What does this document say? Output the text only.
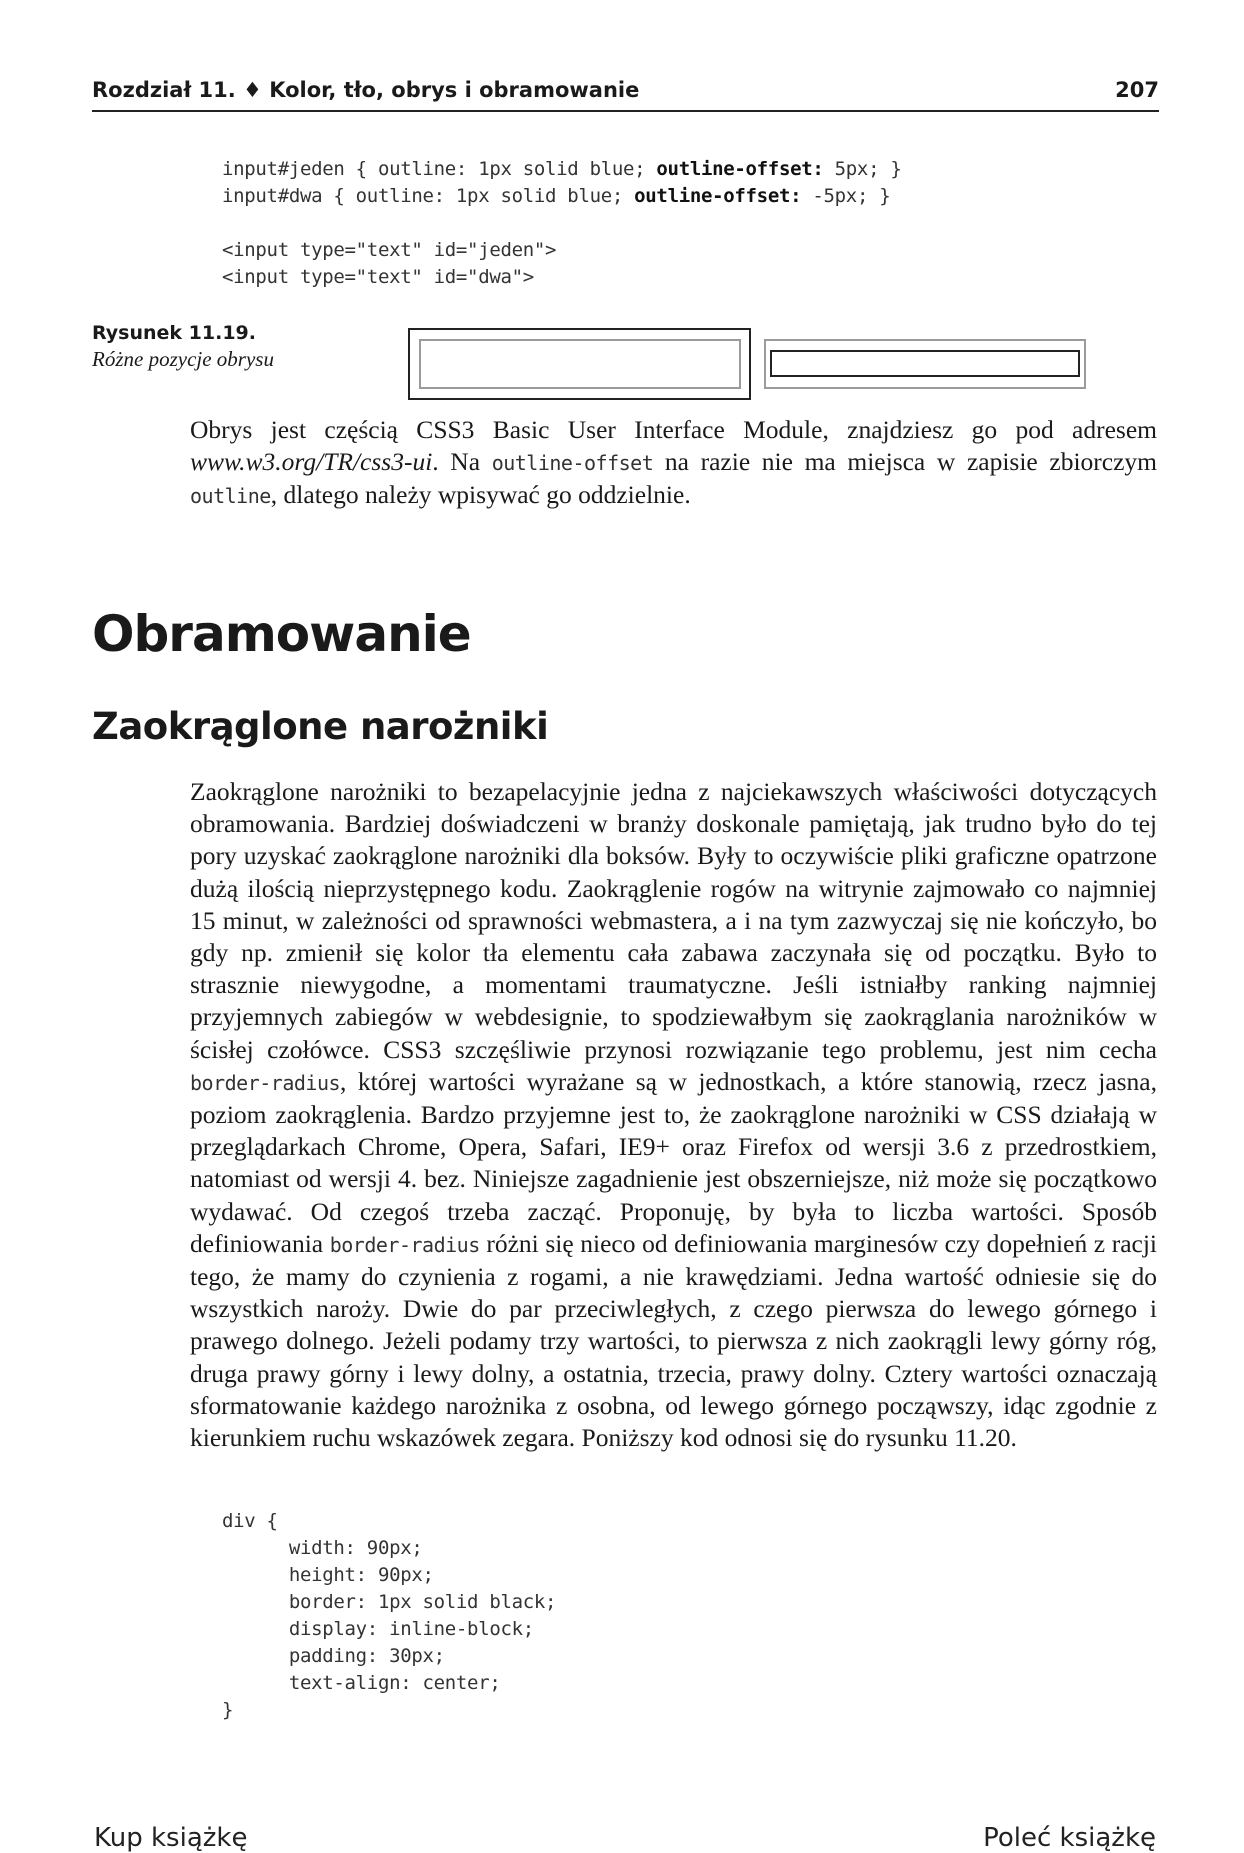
Rozdział 11. ♦ Kolor, tło, obrys i obramowanie	207
input#jeden { outline: 1px solid blue; outline-offset: 5px; }
input#dwa { outline: 1px solid blue; outline-offset: -5px; }

<input type="text" id="jeden">
<input type="text" id="dwa">
Rysunek 11.19.
Różne pozycje obrysu

Obrys jest częścią CSS3 Basic User Interface Module, znajdziesz go pod adresem www.w3.org/TR/css3-ui. Na outline-offset na razie nie ma miejsca w zapisie zbiorczym outline, dlatego należy wpisywać go oddzielnie.

Obramowanie
Zaokrąglone narożniki

Zaokrąglone narożniki to bezapelacyjnie jedna z najciekawszych właściwości dotyczących obramowania. Bardziej doświadczeni w branży doskonale pamiętają, jak trudno było do tej pory uzyskać zaokrąglone narożniki dla boksów. Były to oczywiście pliki graficzne opatrzone dużą ilością nieprzystępnego kodu. Zaokrąglenie rogów na witrynie zajmowało co najmniej 15 minut, w zależności od sprawności webmastera, a i na tym zazwyczaj się nie kończyło, bo gdy np. zmienił się kolor tła elementu cała zabawa zaczynała się od początku. Było to strasznie niewygodne, a momentami traumatyczne. Jeśli istniałby ranking najmniej przyjemnych zabiegów w webdesignie, to spodziewałbym się zaokrąglania narożników w ścisłej czołówce. CSS3 szczęśliwie przynosi rozwiązanie tego problemu, jest nim cecha border-radius, której wartości wyrażane są w jednostkach, a które stanowią, rzecz jasna, poziom zaokrąglenia. Bardzo przyjemne jest to, że zaokrąglone narożniki w CSS działają w przeglądarkach Chrome, Opera, Safari, IE9+ oraz Firefox od wersji 3.6 z przedrostkiem, natomiast od wersji 4. bez. Niniejsze zagadnienie jest obszerniejsze, niż może się początkowo wydawać. Od czegoś trzeba zacząć. Proponuję, by była to liczba wartości. Sposób definiowania border-radius różni się nieco od definiowania marginesów czy dopełnień z racji tego, że mamy do czynienia z rogami, a nie krawędziami. Jedna wartość odniesie się do wszystkich naroży. Dwie do par przeciwległych, z czego pierwsza do lewego górnego i prawego dolnego. Jeżeli podamy trzy wartości, to pierwsza z nich zaokrągli lewy górny róg, druga prawy górny i lewy dolny, a ostatnia, trzecia, prawy dolny. Cztery wartości oznaczają sformatowanie każdego narożnika z osobna, od lewego górnego począwszy, idąc zgodnie z kierunkiem ruchu wskazówek zegara. Poniższy kod odnosi się do rysunku 11.20.

div {
width: 90px;
height: 90px;
border: 1px solid black;
display: inline-block;
padding: 30px;
text-align: center;
}
Kup książkę	Poleć książkę
